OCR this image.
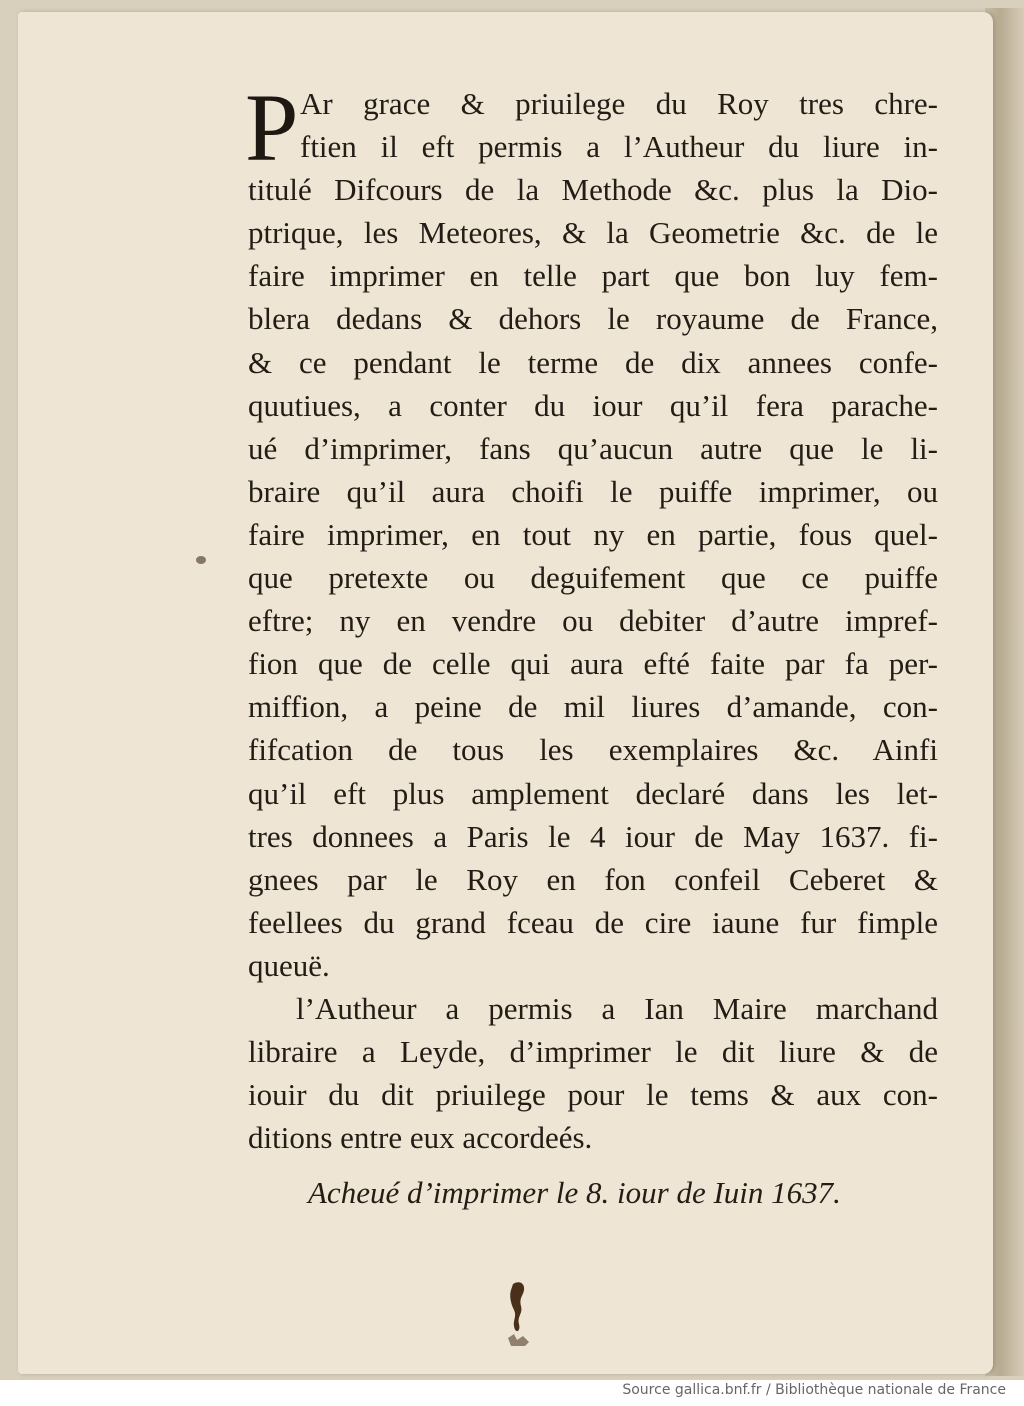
P Ar grace & priuilege du Roy tres chre-
ftien il eft permis a l’Autheur du liure in-
titulé Difcours de la Methode &c. plus la Dio-
ptrique, les Meteores, & la Geometrie &c. de le
faire imprimer en telle part que bon luy fem-
blera dedans & dehors le royaume de France,
& ce pendant le terme de dix annees confe-
quutiues, a conter du iour qu’il fera parache-
ué d’imprimer, fans qu’aucun autre que le li-
braire qu’il aura choifi le puiffe imprimer, ou
faire imprimer, en tout ny en partie, fous quel-
que pretexte ou deguifement que ce puiffe
eftre; ny en vendre ou debiter d’autre impref-
fion que de celle qui aura efté faite par fa per-
miffion, a peine de mil liures d’amande, con-
fifcation de tous les exemplaires &c. Ainfi
qu’il eft plus amplement declaré dans les let-
tres donnees a Paris le 4 iour de May 1637. fi-
gnees par le Roy en fon confeil Ceberet &
feellees du grand fceau de cire iaune fur fimple
queuë.
l’Autheur a permis a Ian Maire marchand
libraire a Leyde, d’imprimer le dit liure & de
iouir du dit priuilege pour le tems & aux con-
ditions entre eux accordeés.
Acheué d’imprimer le 8. iour de Iuin 1637.
Source gallica.bnf.fr / Bibliothèque nationale de France
